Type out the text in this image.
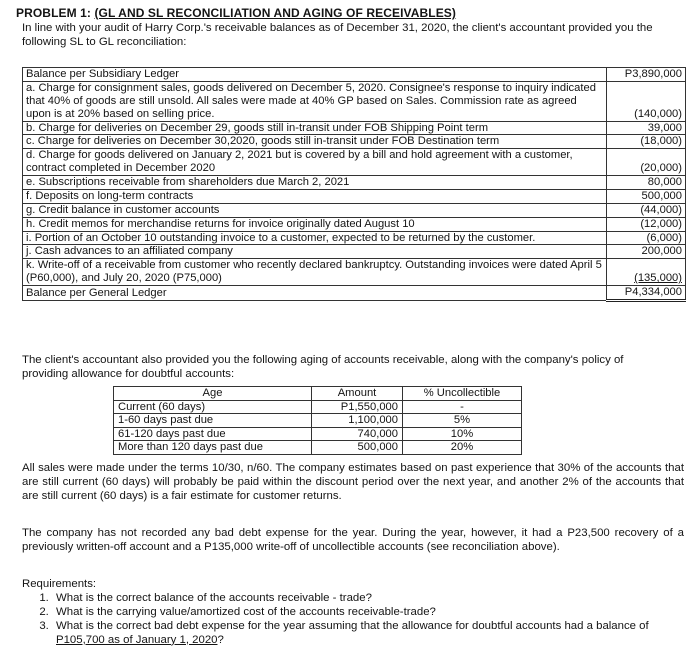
PROBLEM 1: (GL AND SL RECONCILIATION AND AGING OF RECEIVABLES)
In line with your audit of Harry Corp.'s receivable balances as of December 31, 2020, the client's accountant provided you the following SL to GL reconciliation:
Balance per Subsidiary Ledger	P3,890,000
a. Charge for consignment sales, goods delivered on December 5, 2020. Consignee's response to inquiry indicated that 40% of goods are still unsold. All sales were made at 40% GP based on Sales. Commission rate as agreed upon is at 20% based on selling price.	(140,000)
b. Charge for deliveries on December 29, goods still in-transit under FOB Shipping Point term	39,000
c. Charge for deliveries on December 30,2020, goods still in-transit under FOB Destination term	(18,000)
d. Charge for goods delivered on January 2, 2021 but is covered by a bill and hold agreement with a customer, contract completed in December 2020	(20,000)
e. Subscriptions receivable from shareholders due March 2, 2021	80,000
f. Deposits on long-term contracts	500,000
g. Credit balance in customer accounts	(44,000)
h. Credit memos for merchandise returns for invoice originally dated August 10	(12,000)
i. Portion of an October 10 outstanding invoice to a customer, expected to be returned by the customer.	(6,000)
j. Cash advances to an affiliated company	200,000
k. Write-off of a receivable from customer who recently declared bankruptcy. Outstanding invoices were dated April 5 (P60,000), and July 20, 2020 (P75,000)	(135,000)
Balance per General Ledger	P4,334,000
The client's accountant also provided you the following aging of accounts receivable, along with the company's policy of providing allowance for doubtful accounts:
Age	Amount	% Uncollectible
Current (60 days)	P1,550,000	-
1-60 days past due	1,100,000	5%
61-120 days past due	740,000	10%
More than 120 days past due	500,000	20%
All sales were made under the terms 10/30, n/60. The company estimates based on past experience that 30% of the accounts that are still current (60 days) will probably be paid within the discount period over the next year, and another 2% of the accounts that are still current (60 days) is a fair estimate for customer returns.
The company has not recorded any bad debt expense for the year. During the year, however, it had a P23,500 recovery of a previously written-off account and a P135,000 write-off of uncollectible accounts (see reconciliation above).
Requirements:
1. What is the correct balance of the accounts receivable - trade?
2. What is the carrying value/amortized cost of the accounts receivable-trade?
3. What is the correct bad debt expense for the year assuming that the allowance for doubtful accounts had a balance of P105,700 as of January 1, 2020?
